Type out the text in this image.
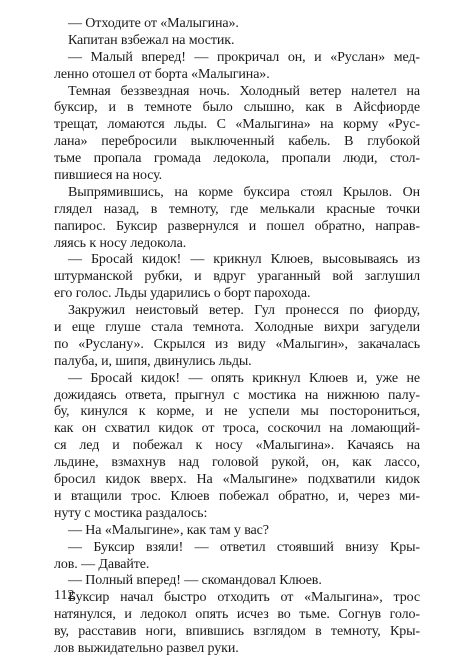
— Отходите от «Малыгина».
Капитан взбежал на мостик.
— Малый вперед! — прокричал он, и «Руслан» мед-
ленно отошел от борта «Малыгина».
Темная беззвездная ночь. Холодный ветер налетел на
буксир, и в темноте было слышно, как в Айсфиорде
трещат, ломаются льды. С «Малыгина» на корму «Рус-
лана» перебросили выключенный кабель. В глубокой
тьме пропала громада ледокола, пропали люди, стол-
пившиеся на носу.
Выпрямившись, на корме буксира стоял Крылов. Он
глядел назад, в темноту, где мелькали красные точки
папирос. Буксир развернулся и пошел обратно, направ-
ляясь к носу ледокола.
— Бросай кидок! — крикнул Клюев, высовываясь из
штурманской рубки, и вдруг ураганный вой заглушил
его голос. Льды ударились о борт парохода.
Закружил неистовый ветер. Гул пронесся по фиорду,
и еще глуше стала темнота. Холодные вихри загудели
по «Руслану». Скрылся из виду «Малыгин», закачалась
палуба, и, шипя, двинулись льды.
— Бросай кидок! — опять крикнул Клюев и, уже не
дожидаясь ответа, прыгнул с мостика на нижнюю палу-
бу, кинулся к корме, и не успели мы посторониться,
как он схватил кидок от троса, соскочил на ломающий-
ся лед и побежал к носу «Малыгина». Качаясь на
льдине, взмахнув над головой рукой, он, как лассо,
бросил кидок вверх. На «Малыгине» подхватили кидок
и втащили трос. Клюев побежал обратно, и, через ми-
нуту с мостика раздалось:
— На «Малыгине», как там у вас?
— Буксир взяли! — ответил стоявший внизу Кры-
лов. — Давайте.
— Полный вперед! — скомандовал Клюев.
Буксир начал быстро отходить от «Малыгина», трос
натянулся, и ледокол опять исчез во тьме. Согнув голо-
ву, расставив ноги, впившись взглядом в темноту, Кры-
лов выжидательно развел руки.
112
